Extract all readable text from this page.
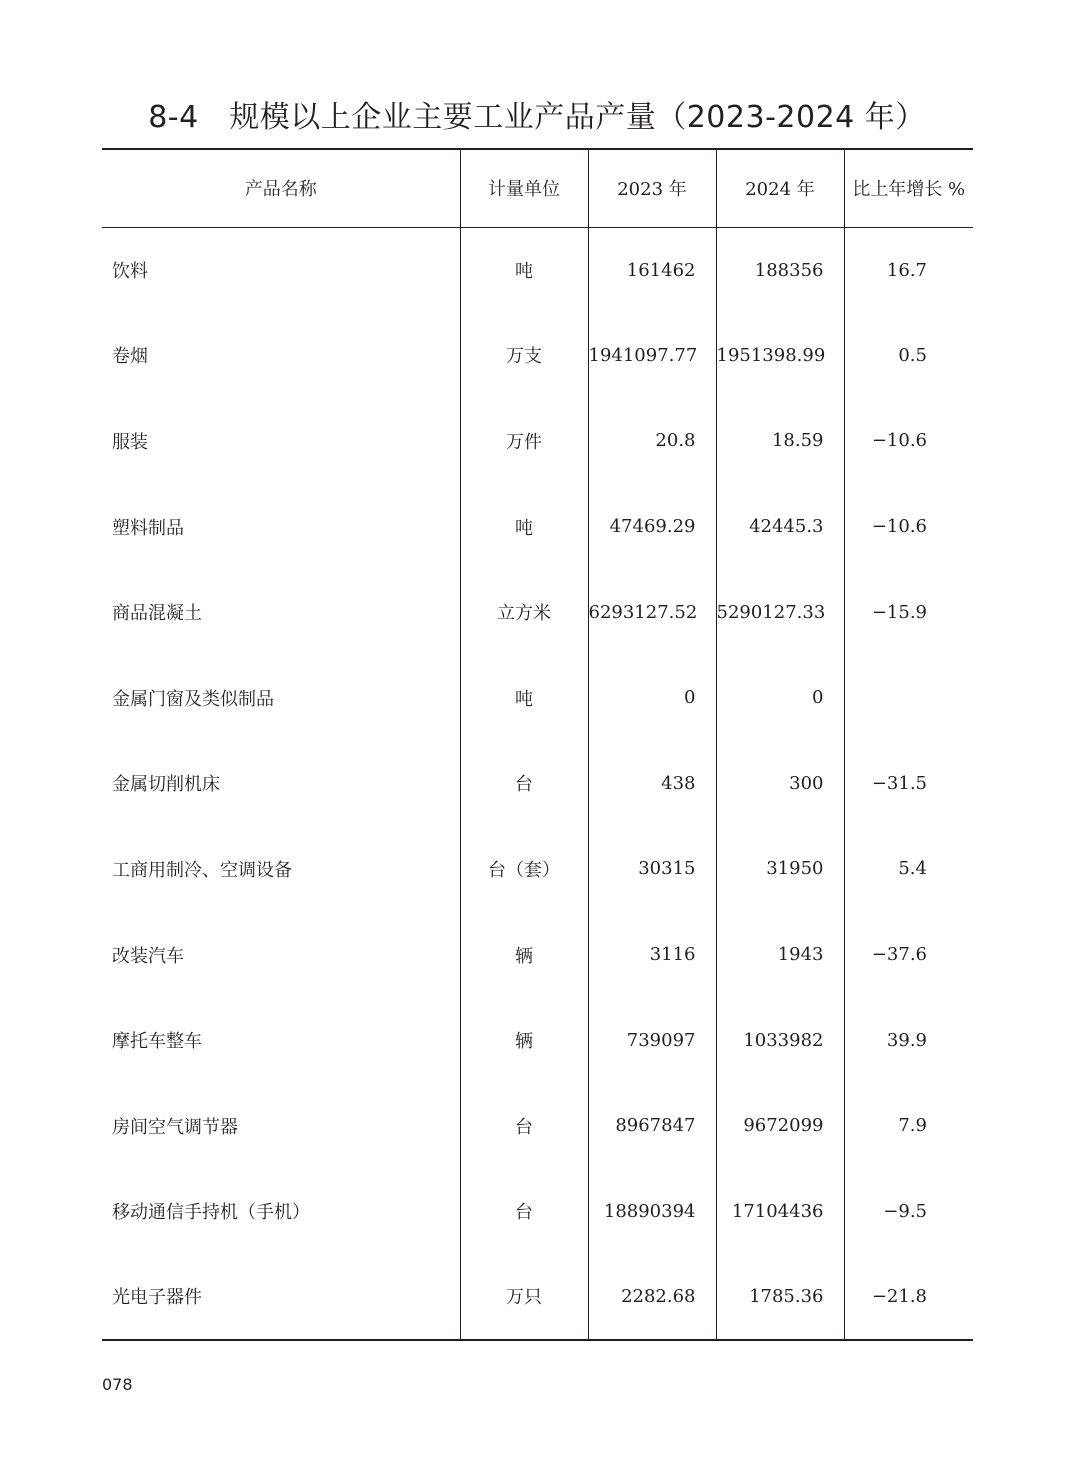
8-4　规模以上企业主要工业产品产量（2023-2024 年）
产品名称	计量单位	2023 年	2024 年	比上年增长 %
饮料	吨	161462	188356	16.7
卷烟	万支	1941097.77	1951398.99	0.5
服装	万件	20.8	18.59	−10.6
塑料制品	吨	47469.29	42445.3	−10.6
商品混凝土	立方米	6293127.52	5290127.33	−15.9
金属门窗及类似制品	吨	0	0	
金属切削机床	台	438	300	−31.5
工商用制冷、空调设备	台（套）	30315	31950	5.4
改装汽车	辆	3116	1943	−37.6
摩托车整车	辆	739097	1033982	39.9
房间空气调节器	台	8967847	9672099	7.9
移动通信手持机（手机）	台	18890394	17104436	−9.5
光电子器件	万只	2282.68	1785.36	−21.8
078
